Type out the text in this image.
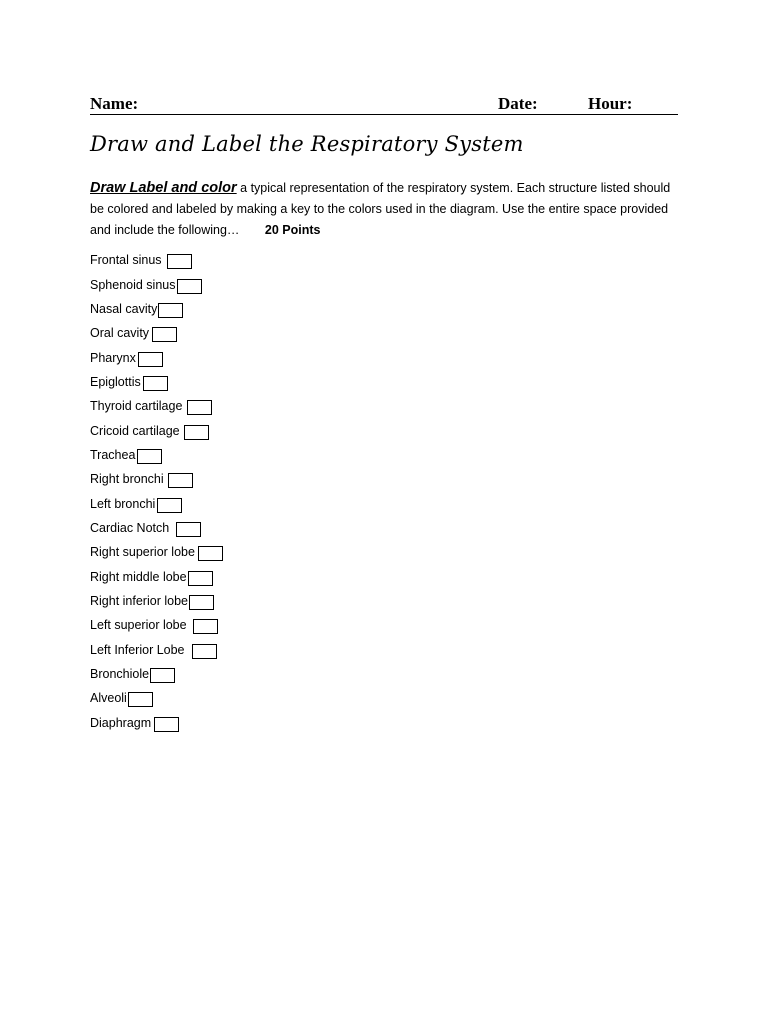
Name:	Date:	Hour:
Draw and Label the Respiratory System
Draw Label and color a typical representation of the respiratory system. Each structure listed should be colored and labeled by making a key to the colors used in the diagram. Use the entire space provided and include the following… 20 Points
Frontal sinus
Sphenoid sinus
Nasal cavity
Oral cavity
Pharynx
Epiglottis
Thyroid cartilage
Cricoid cartilage
Trachea
Right bronchi
Left bronchi
Cardiac Notch
Right superior lobe
Right middle lobe
Right inferior lobe
Left superior lobe
Left Inferior Lobe
Bronchiole
Alveoli
Diaphragm
